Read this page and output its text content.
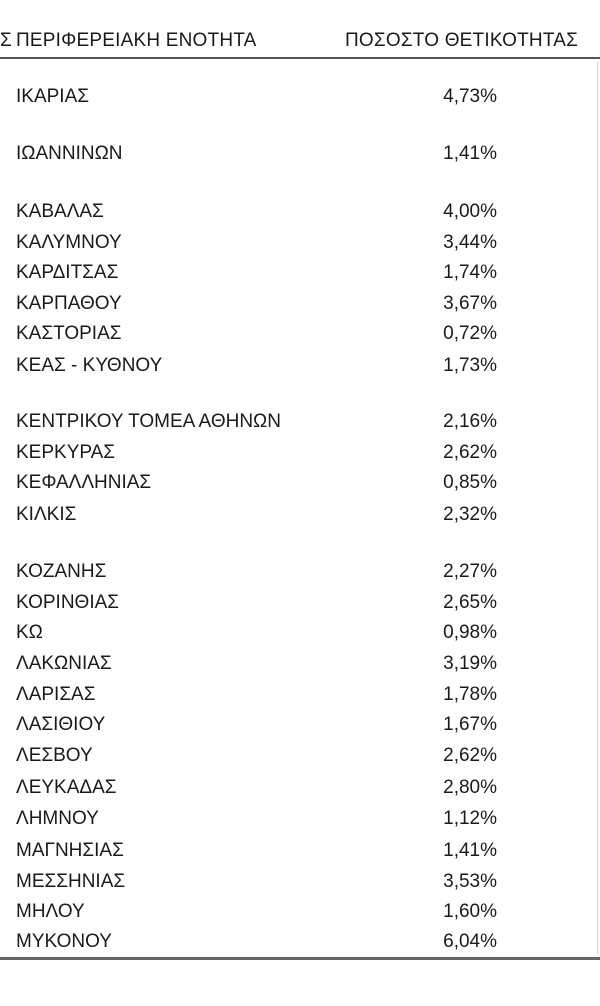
Σ ΠΕΡΙΦΕΡΕΙΑΚΗ ΕΝΟΤΗΤΑ	ΠΟΣΟΣΤΟ ΘΕΤΙΚΟΤΗΤΑΣ
ΙΚΑΡΙΑΣ	4,73%
ΙΩΑΝΝΙΝΩΝ	1,41%
ΚΑΒΑΛΑΣ	4,00%
ΚΑΛΥΜΝΟΥ	3,44%
ΚΑΡΔΙΤΣΑΣ	1,74%
ΚΑΡΠΑΘΟΥ	3,67%
ΚΑΣΤΟΡΙΑΣ	0,72%
ΚΕΑΣ - ΚΥΘΝΟΥ	1,73%
ΚΕΝΤΡΙΚΟΥ ΤΟΜΕΑ ΑΘΗΝΩΝ	2,16%
ΚΕΡΚΥΡΑΣ	2,62%
ΚΕΦΑΛΛΗΝΙΑΣ	0,85%
ΚΙΛΚΙΣ	2,32%
ΚΟΖΑΝΗΣ	2,27%
ΚΟΡΙΝΘΙΑΣ	2,65%
ΚΩ	0,98%
ΛΑΚΩΝΙΑΣ	3,19%
ΛΑΡΙΣΑΣ	1,78%
ΛΑΣΙΘΙΟΥ	1,67%
ΛΕΣΒΟΥ	2,62%
ΛΕΥΚΑΔΑΣ	2,80%
ΛΗΜΝΟΥ	1,12%
ΜΑΓΝΗΣΙΑΣ	1,41%
ΜΕΣΣΗΝΙΑΣ	3,53%
ΜΗΛΟΥ	1,60%
ΜΥΚΟΝΟΥ	6,04%
